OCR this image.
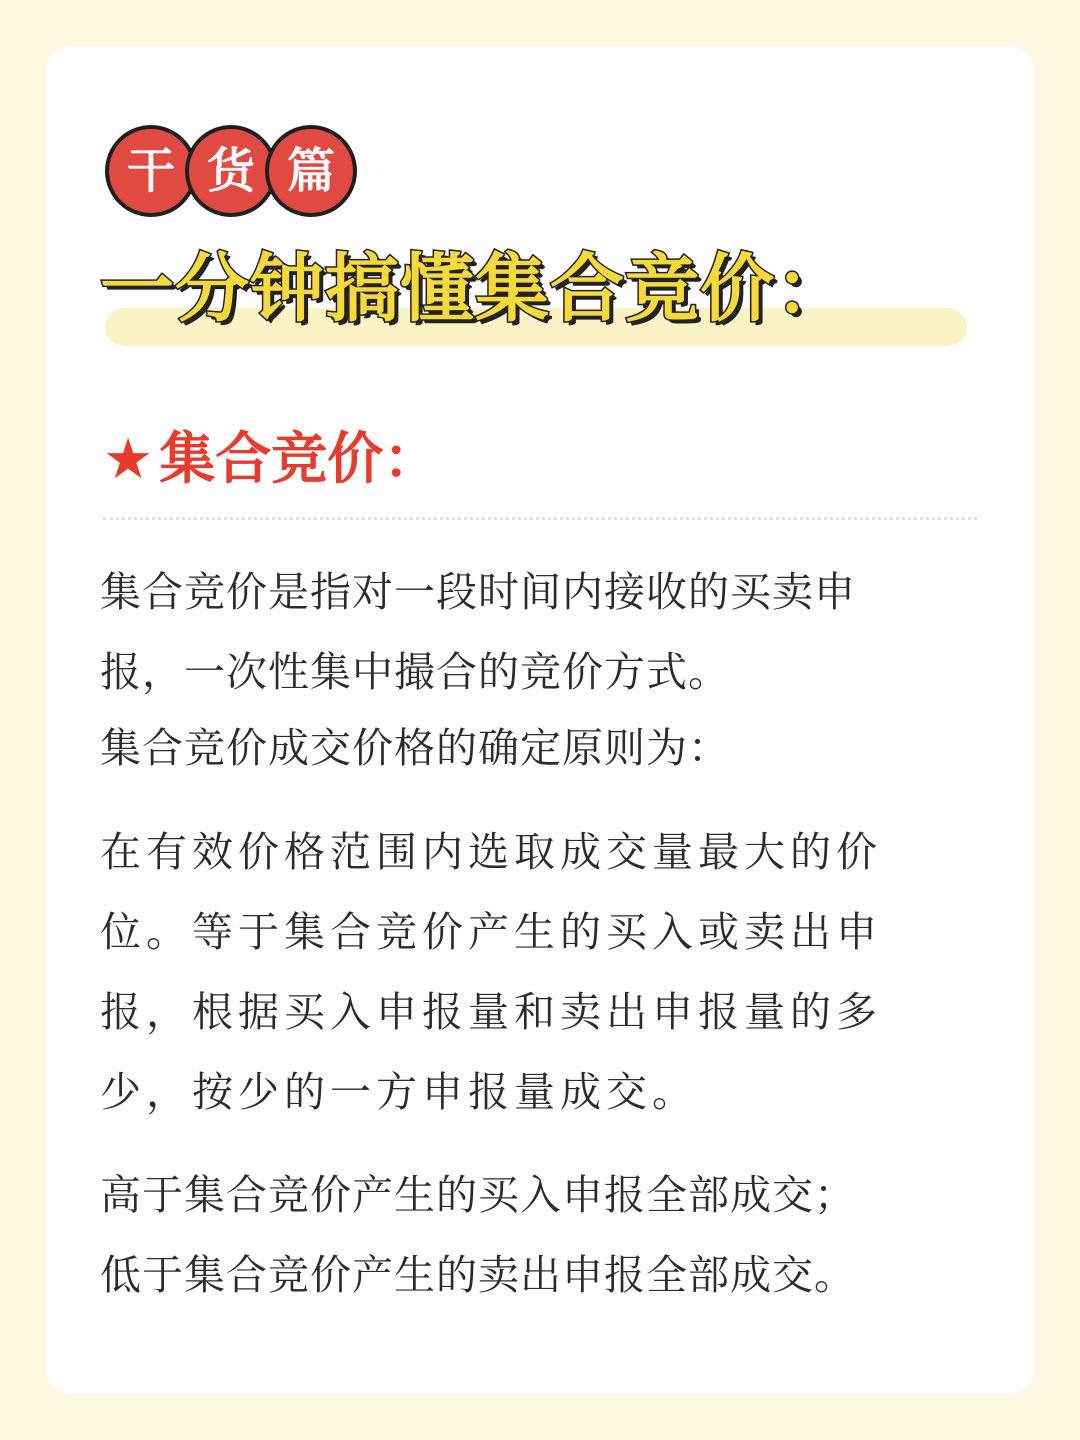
干 货 篇
一分钟搞懂集合竞价：
★ 集合竞价：
集合竞价是指对一段时间内接收的买卖申
报，一次性集中撮合的竞价方式。
集合竞价成交价格的确定原则为：
在有效价格范围内选取成交量最大的价
位。等于集合竞价产生的买入或卖出申
报，根据买入申报量和卖出申报量的多
少，按少的一方申报量成交。
高于集合竞价产生的买入申报全部成交；
低于集合竞价产生的卖出申报全部成交。
